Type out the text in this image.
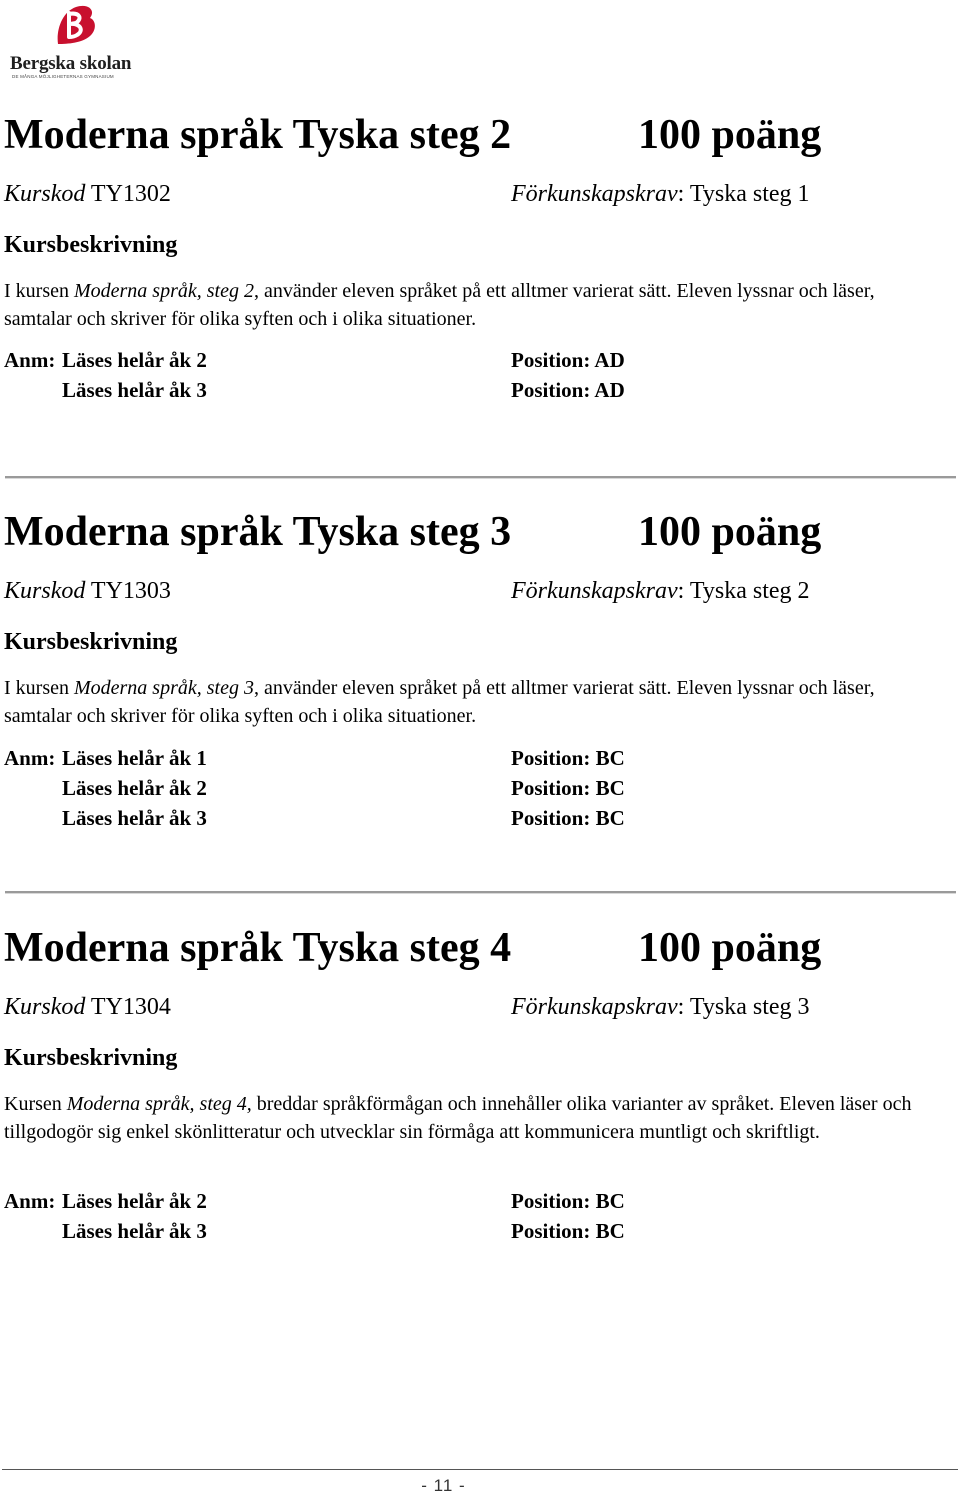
Bergska skolan
DE MÅNGA MÖJLIGHETERNAS GYMNASIUM
Moderna språk Tyska steg 2	100 poäng
Kurskod TY1302	Förkunskapskrav: Tyska steg 1
Kursbeskrivning
I kursen Moderna språk, steg 2, använder eleven språket på ett alltmer varierat sätt. Eleven lyssnar och läser, samtalar och skriver för olika syften och i olika situationer.
Anm: Läses helår åk 2	Position: AD
Läses helår åk 3	Position: AD
Moderna språk Tyska steg 3	100 poäng
Kurskod TY1303	Förkunskapskrav: Tyska steg 2
Kursbeskrivning
I kursen Moderna språk, steg 3, använder eleven språket på ett alltmer varierat sätt. Eleven lyssnar och läser, samtalar och skriver för olika syften och i olika situationer.
Anm: Läses helår åk 1	Position: BC
Läses helår åk 2	Position: BC
Läses helår åk 3	Position: BC
Moderna språk Tyska steg 4	100 poäng
Kurskod TY1304	Förkunskapskrav: Tyska steg 3
Kursbeskrivning
Kursen Moderna språk, steg 4, breddar språkförmågan och innehåller olika varianter av språket. Eleven läser och tillgodogör sig enkel skönlitteratur och utvecklar sin förmåga att kommunicera muntligt och skriftligt.
Anm: Läses helår åk 2	Position: BC
Läses helår åk 3	Position: BC
- 11 -
